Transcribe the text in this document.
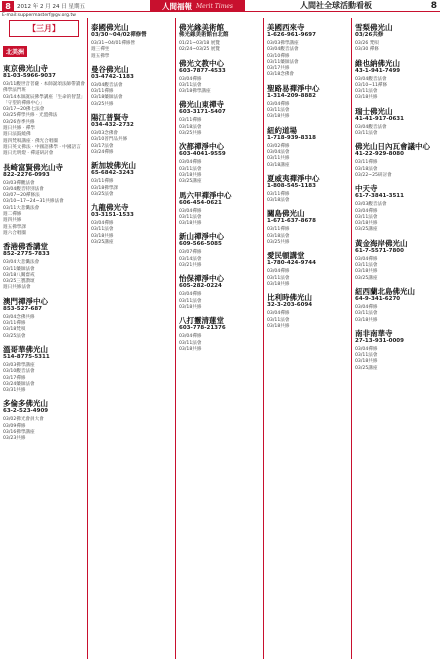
8	2012 年 2 月 24 日 星期五	人間福報 Merit Times	人間社全球活動看板	8
E-mail:suppermasterf@gv.org.tw
【三月】
北美洲
東京佛光山寺
81-03-5966-9037
03/11觀世音菩薩 · 本師誕頌法師帶讀會
佛學法門班
03/14本師誕辰佛學講座「生命的智慧」
「守望的禪修中心」
03/17~20佛七法會
03/25禪學共修 · 光盟佛法
03/26春季共修
週日共修 · 禪學
週日法鼓繞佛
週四梵唄講座 · 佛光合唱團
週日英文佛法 · 中國語佛學 · 中國語言
週日光明燈 · 禪道研討會
長崎富賢佛光山寺
822-2276-0993
03/03禪觀法會
03/04觀音特別法會
03/07~20禪修法
03/10~17~24~31共修法會
03/11大悲懺法會
週二禪修
週四共修
週五佛學課
週六合唱團
香港佛香講堂
852-2775-7833
03/04大悲懺法會
03/11藥師法會
03/18八關齋戒
03/25三寶讚頌
週日共修法會
澳門禪淨中心
853-527-687
03/04念佛共修
03/11禪修
03/18梵唄
03/25法會
溫哥華佛光山
514-8775-5311
03/03佛學講座
03/10觀音法會
03/17禪修
03/24藥師法會
03/31共修
多倫多佛光山
63-2-523-4909
03/02佛光會員大會
03/09禪修
03/16佛學講座
03/23共修
泰國佛光山
03/30~04/02禪修營
03/31~04/01禪修營
週三禪坐
週五佛學
曼谷佛光山
03-4742-1183
03/04觀音法會
03/11禪修
03/18藥師法會
03/25共修
陽江普賢寺
034-432-2732
03/03念佛會
03/10普門品共修
03/17法會
03/24禪修
新加坡佛光山
65-6842-3243
03/11禪修
03/18佛學課
03/25法會
九龍佛光寺
03-3151-1533
03/04禪修
03/11法會
03/18共修
03/25講座
佛光緣美術館
佛光緣美術館台北館
01/21~03/18 展覽
02/24~03/25 展覽
佛光文教中心
603-7877-4533
03/04禪修
03/11法會
03/18佛學講座
佛光山東禪寺
603-3171-5407
03/11禪修
03/18法會
03/25共修
次都禪淨中心
603-4041-9559
03/04禪修
03/11法會
03/18共修
03/25講座
馬六甲禪淨中心
606-454-0621
03/04禪修
03/11法會
03/18共修
新山禪淨中心
609-566-5085
03/07禪修
03/14法會
03/21共修
怡保禪淨中心
605-282-0224
03/04禪修
03/11法會
03/18共修
八打靈清蓮堂
603-778-21376
03/04禪修
03/11法會
03/18共修
美國西來寺
1-626-961-9697
03/03佛學講座
03/04觀音法會
03/10禪修
03/11藥師法會
03/17共修
03/18念佛會
聖路易禪淨中心
1-314-209-8882
03/04禪修
03/11法會
03/18共修
紐約道場
1-718-939-8318
03/02禪修
03/04法會
03/11共修
03/18講座
夏威夷禪淨中心
1-808-545-1183
03/11禪修
03/18法會
關島佛光山
1-671-637-8678
03/11禪修
03/18法會
03/25共修
愛民頓講堂
1-780-424-9744
03/04禪修
03/11法會
03/18共修
比利時佛光山
32-3-203-6094
03/04禪修
03/11法會
03/18共修
雪梨佛光山
03/26共修
03/26 梵唄
03/30 禪修
維也納佛光山
43-1-941-7499
03/04觀音法會
03/10~11禪修
03/11法會
03/18共修
瑞士佛光山
41-41-917-0631
03/04觀音法會
03/11法會
佛光山日內瓦會議中心
41-22-929-8080
03/11禪修
03/18法會
03/22~25研討會
中天寺
61-7-3841-3511
03/03觀音法會
03/04禪修
03/11法會
03/18共修
03/25講座
黃金海岸佛光山
61-7-5571-7800
03/04禪修
03/11法會
03/18共修
03/25講座
紐西蘭北島佛光山
64-9-341-6270
03/04禪修
03/11法會
03/18共修
南非南華寺
27-13-931-0009
03/04禪修
03/11法會
03/18共修
03/25講座
